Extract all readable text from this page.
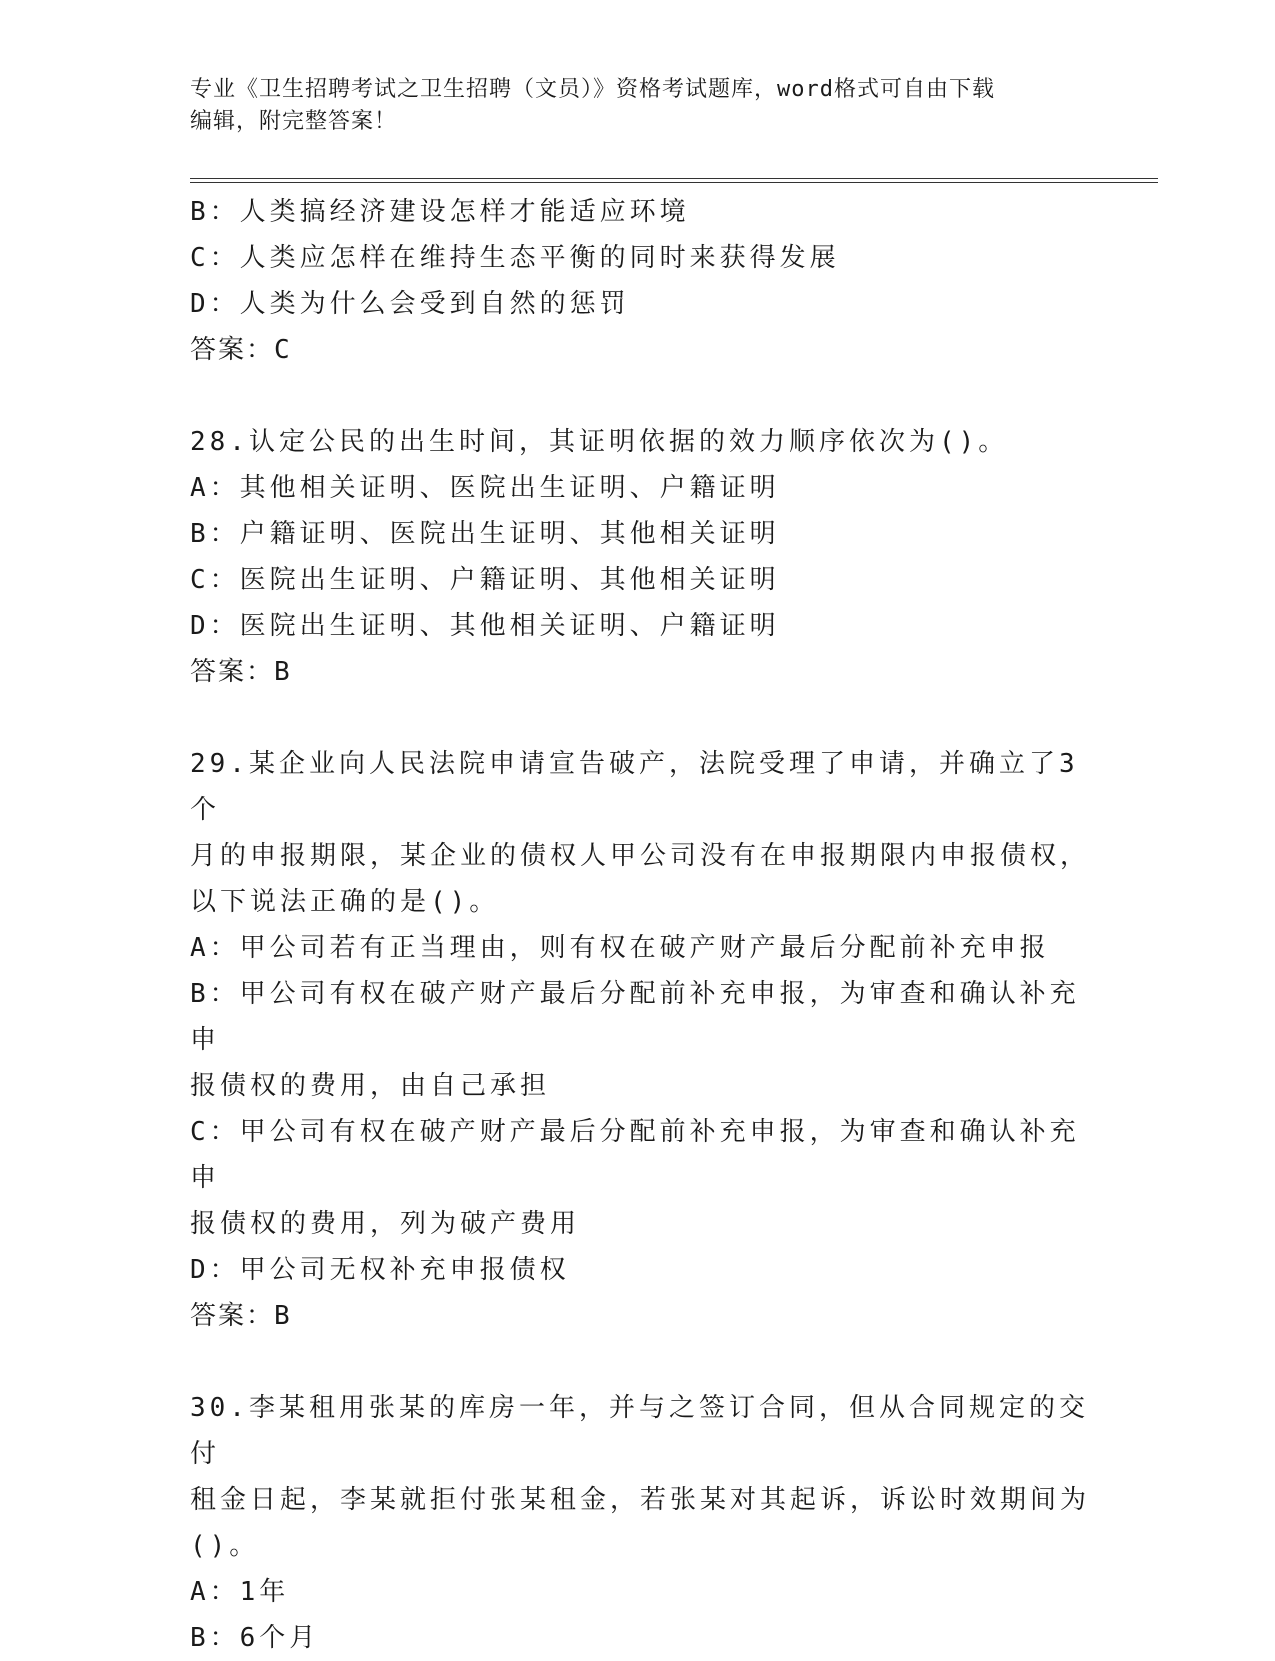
专业《卫生招聘考试之卫生招聘（文员）》资格考试题库，word格式可自由下载
编辑，附完整答案！
B：人类搞经济建设怎样才能适应环境
C：人类应怎样在维持生态平衡的同时来获得发展
D：人类为什么会受到自然的惩罚
答案：C
28.认定公民的出生时间，其证明依据的效力顺序依次为()。
A：其他相关证明、医院出生证明、户籍证明
B：户籍证明、医院出生证明、其他相关证明
C：医院出生证明、户籍证明、其他相关证明
D：医院出生证明、其他相关证明、户籍证明
答案：B
29.某企业向人民法院申请宣告破产，法院受理了申请，并确立了3个
月的申报期限，某企业的债权人甲公司没有在申报期限内申报债权，
以下说法正确的是()。
A：甲公司若有正当理由，则有权在破产财产最后分配前补充申报
B：甲公司有权在破产财产最后分配前补充申报，为审查和确认补充申
报债权的费用，由自己承担
C：甲公司有权在破产财产最后分配前补充申报，为审查和确认补充申
报债权的费用，列为破产费用
D：甲公司无权补充申报债权
答案：B
30.李某租用张某的库房一年，并与之签订合同，但从合同规定的交付
租金日起，李某就拒付张某租金，若张某对其起诉，诉讼时效期间为
()。
A：1年
B：6个月
